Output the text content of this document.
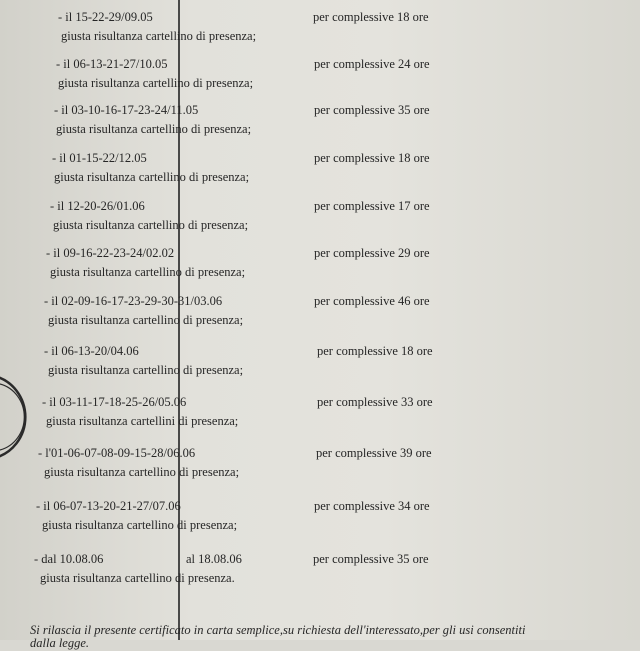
- il 15-22-29/09.05
giusta risultanza cartellino di presenza;
per complessive 18 ore
- il 06-13-21-27/10.05
giusta risultanza cartellino di presenza;
per complessive 24 ore
- il 03-10-16-17-23-24/11.05
giusta risultanza cartellino di presenza;
per complessive 35 ore
- il 01-15-22/12.05
giusta risultanza cartellino di presenza;
per complessive 18 ore
- il 12-20-26/01.06
giusta risultanza cartellino di presenza;
per complessive 17 ore
- il 09-16-22-23-24/02.02
giusta risultanza cartellino di presenza;
per complessive 29 ore
- il 02-09-16-17-23-29-30-31/03.06
giusta risultanza cartellino di presenza;
per complessive 46 ore
- il 06-13-20/04.06
giusta risultanza cartellino di presenza;
per complessive 18 ore
- il 03-11-17-18-25-26/05.06
giusta risultanza cartellini di presenza;
per complessive 33 ore
- l'01-06-07-08-09-15-28/06.06
giusta risultanza cartellino di presenza;
per complessive 39 ore
- il 06-07-13-20-21-27/07.06
giusta risultanza cartellino di presenza;
per complessive 34 ore
- dal 10.08.06	al 18.08.06
giusta risultanza cartellino di presenza.
per complessive 35 ore
Si rilascia il presente certificato in carta semplice,su richiesta dell'interessato,per gli usi consentiti
dalla legge.
